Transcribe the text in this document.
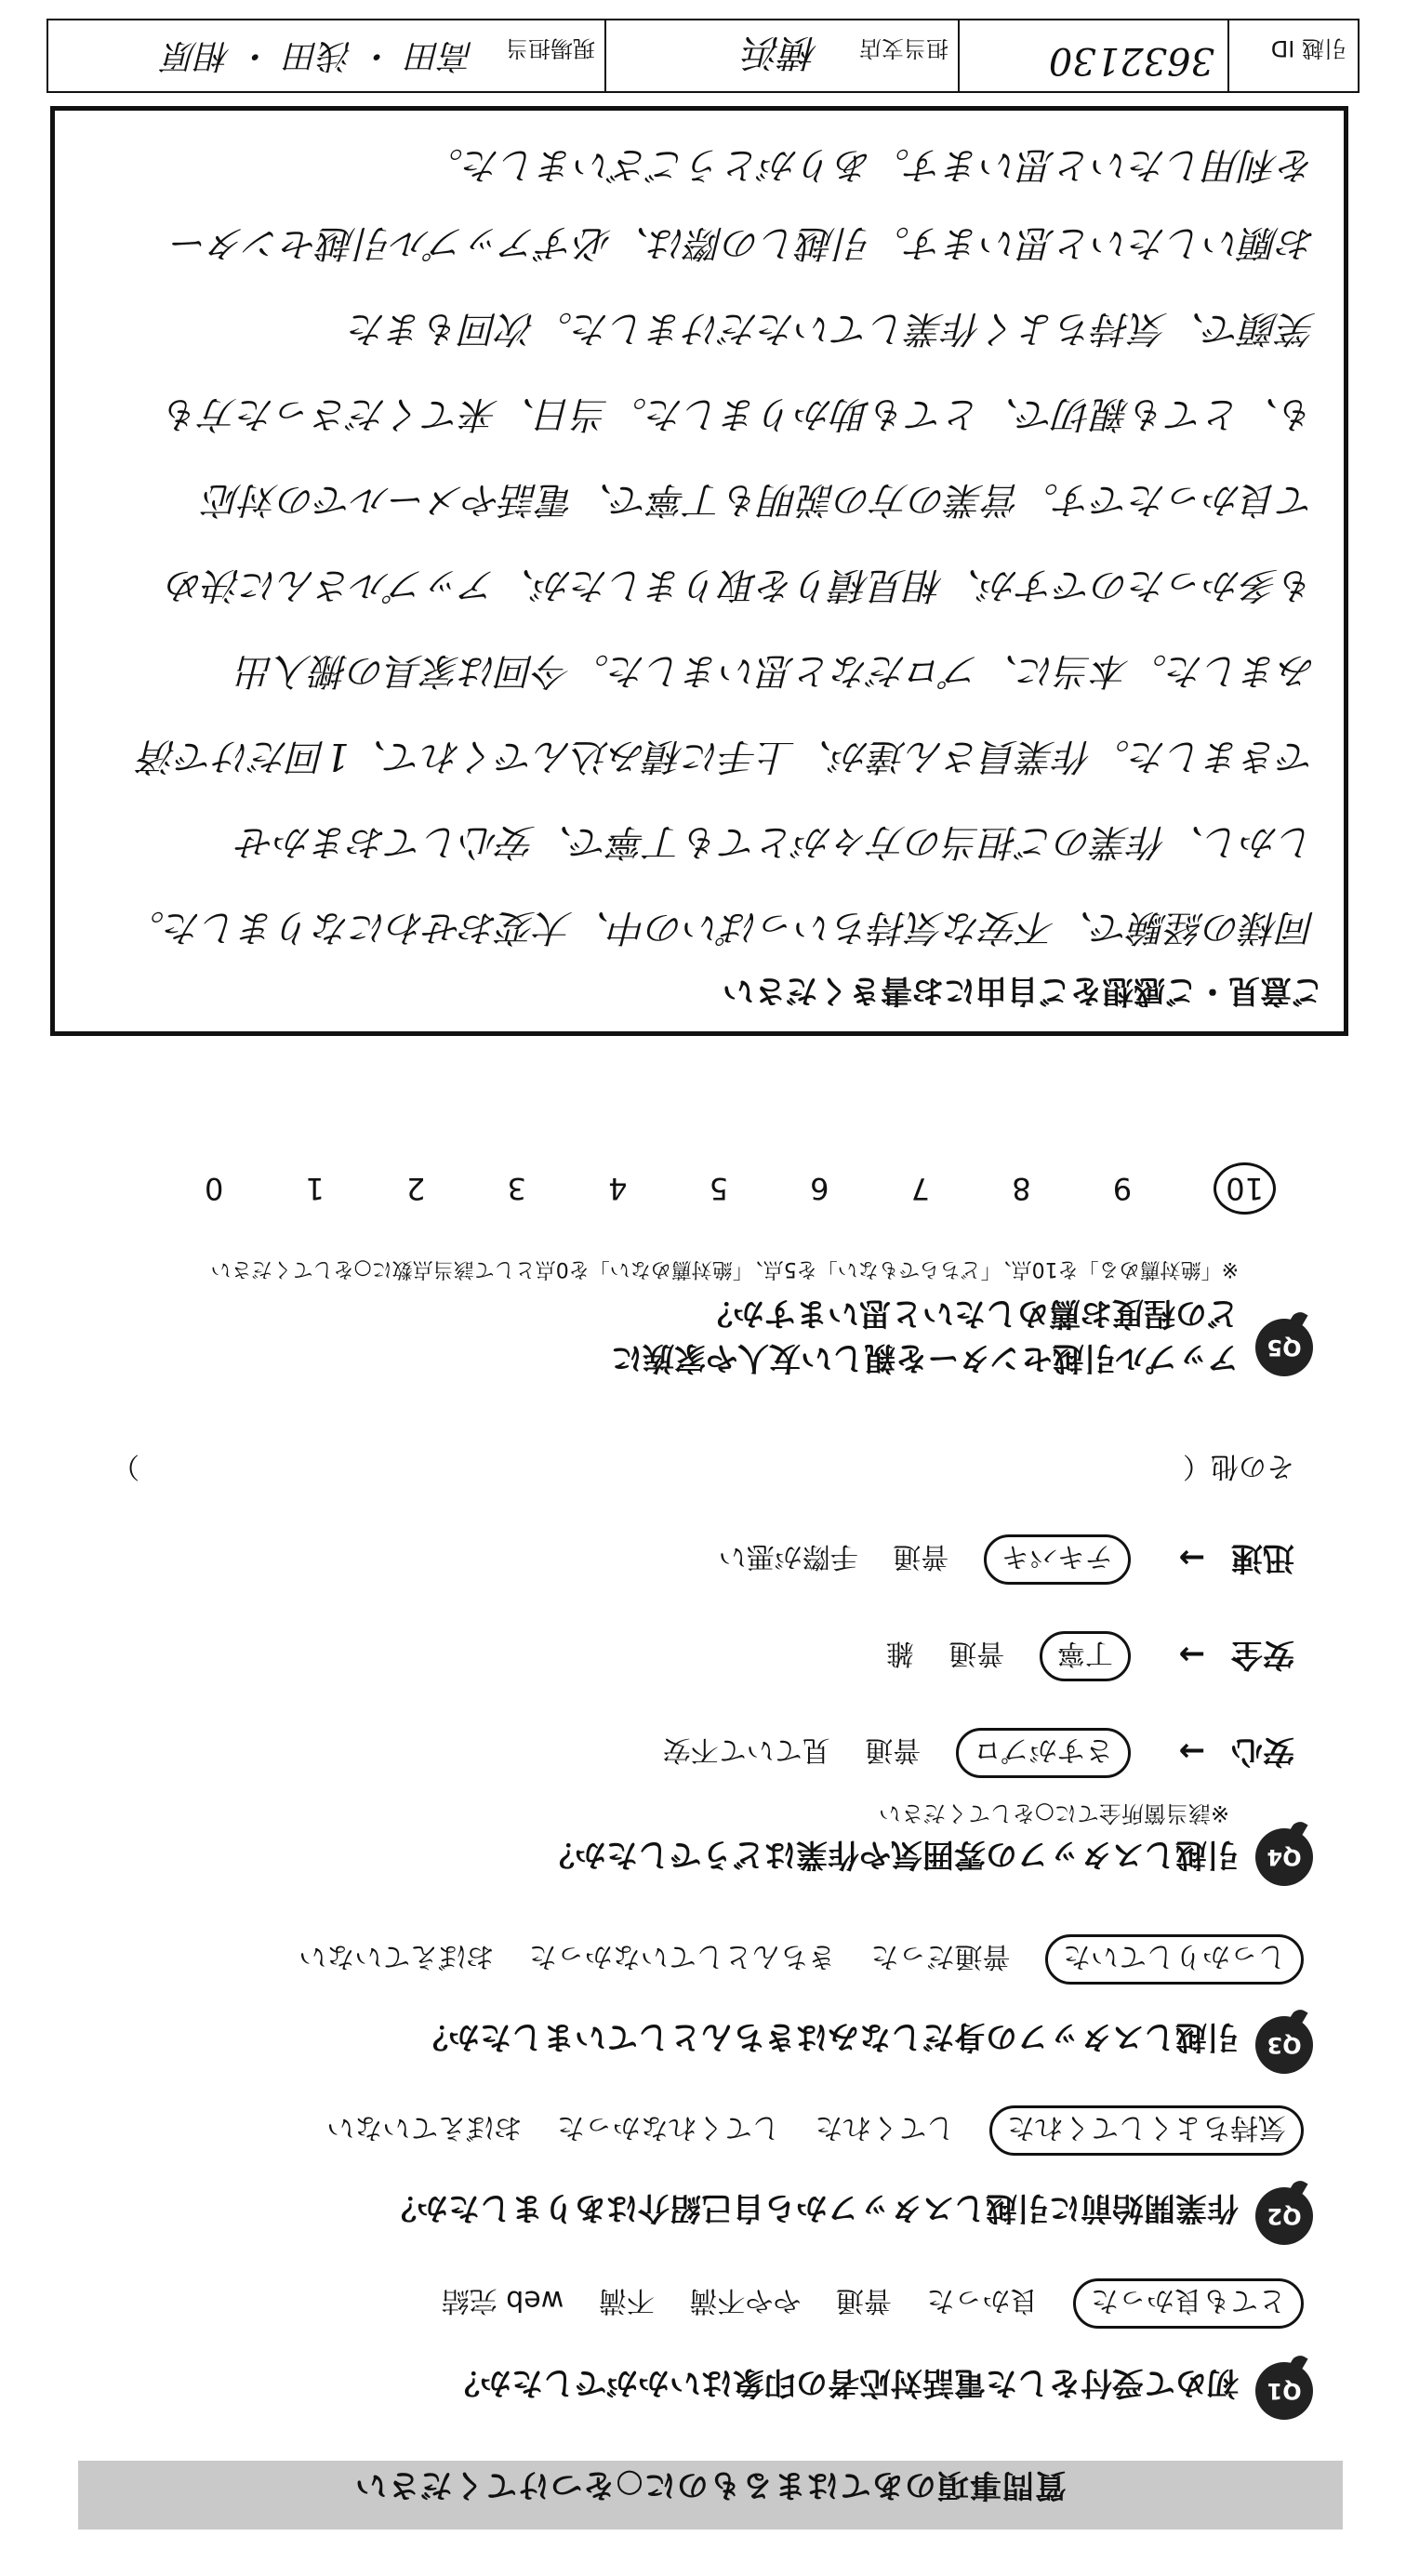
質問事項のあてはまるものに○をつけてください
Q1
初めて受付をした電話対応者の印象はいかがでしたか？
とても良かった 良かった 普通 やや不満 不満 web 完結
Q2
作業開始前に引越しスタッフから自己紹介はありましたか？
気持ちよくしてくれた してくれた してくれなかった おぼえていない
Q3
引越しスタッフの身だしなみはきちんとしていましたか？
しっかりしていた 普通だった きちんとしていなかった おぼえていない
Q4
引越しスタッフの雰囲気や作業はどうでしたか？
※該当箇所全てに○をしてください
安心 → さすがプロ 普通 見ていて不安
安全 → 丁寧 普通 雑
迅速 → テキパキ 普通 手際が悪い
その他（
）
Q5
アップル引越センターを親しい友人や家族に
どの程度お薦めしたいと思いますか？
※「絶対薦める」を10点、「どちらでもない」を5点、「絶対薦めない」を0点として該当点数に○をしてください
10 9 8 7 6 5 4 3 2 1 0
ご意見・ご感想をご自由にお書きください
同様の経験で、不安な気持ちいっぱいの中、大変おせわになりました。
しかし、作業のご担当の方々がとても丁寧で、安心しておまかせ
できました。作業員さん達が、上手に積み込んでくれて、1回だけで済
みました。本当に、プロだなと思いました。今回は家具の搬入出
も多かったのですが、相見積りを取りましたが、アップルさんに決め
て良かったです。営業の方の説明も丁寧で、電話やメールでの対応
も、とても親切で、とても助かりました。当日、来てくださった方も
笑顔で、気持ちよく作業していただけました。次回もまた
お願いしたいと思います。引越しの際は、必ずアップル引越センター
を利用したいと思います。ありがとうございました。
引越 ID
3632130
担当支店
横浜
現場担当
高田 ・ 浅田 ・ 相原
